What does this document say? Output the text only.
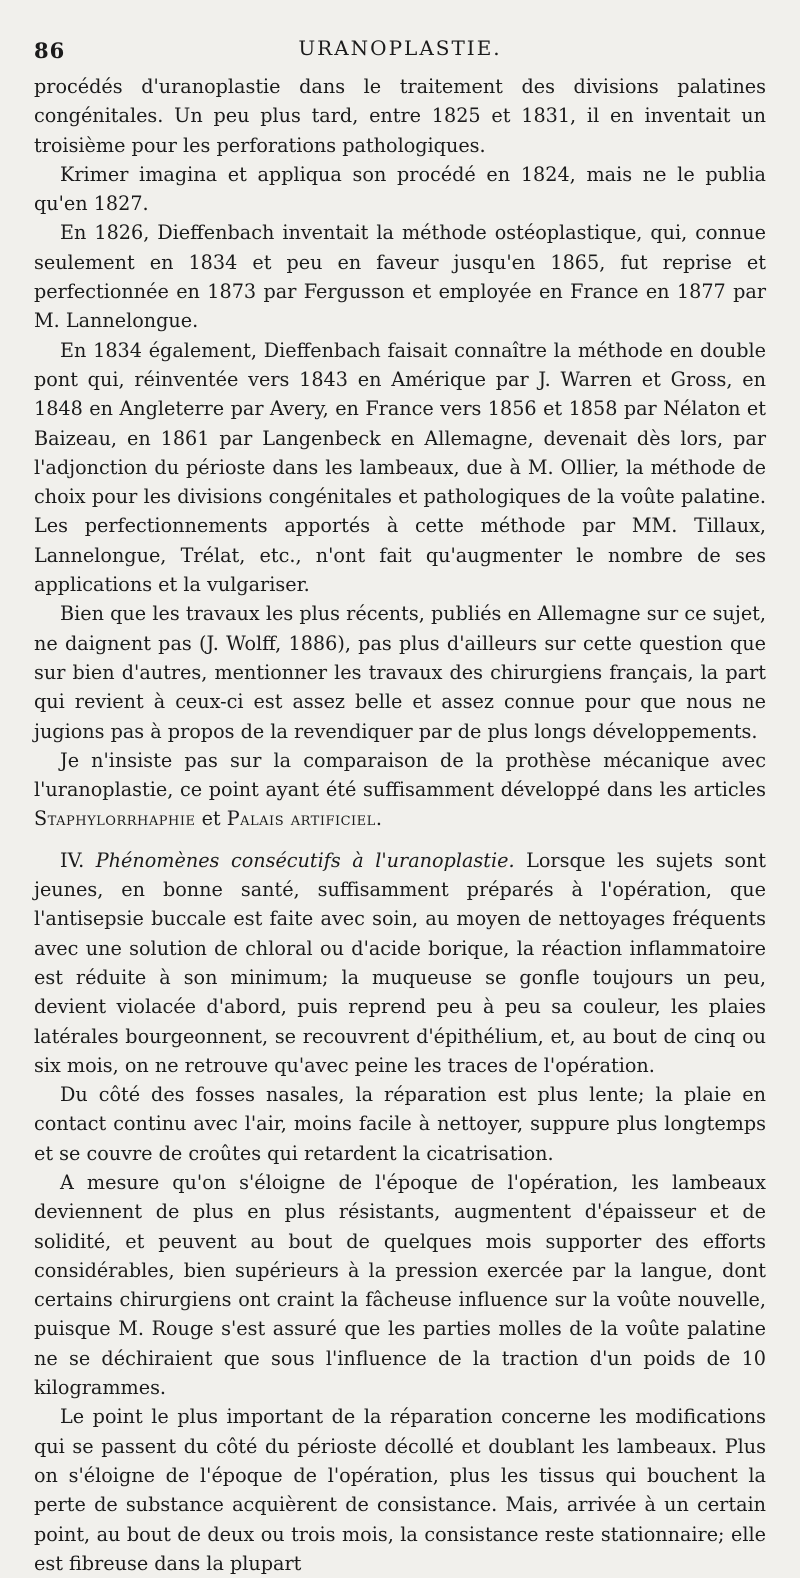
86	URANOPLASTIE.

procédés d'uranoplastie dans le traitement des divisions palatines congénitales. Un peu plus tard, entre 1825 et 1831, il en inventait un troisième pour les perforations pathologiques.

Krimer imagina et appliqua son procédé en 1824, mais ne le publia qu'en 1827.

En 1826, Dieffenbach inventait la méthode ostéoplastique, qui, connue seulement en 1834 et peu en faveur jusqu'en 1865, fut reprise et perfectionnée en 1873 par Fergusson et employée en France en 1877 par M. Lannelongue.

En 1834 également, Dieffenbach faisait connaître la méthode en double pont qui, réinventée vers 1843 en Amérique par J. Warren et Gross, en 1848 en Angleterre par Avery, en France vers 1856 et 1858 par Nélaton et Baizeau, en 1861 par Langenbeck en Allemagne, devenait dès lors, par l'adjonction du périoste dans les lambeaux, due à M. Ollier, la méthode de choix pour les divisions congénitales et pathologiques de la voûte palatine. Les perfectionnements apportés à cette méthode par MM. Tillaux, Lannelongue, Trélat, etc., n'ont fait qu'augmenter le nombre de ses applications et la vulgariser.

Bien que les travaux les plus récents, publiés en Allemagne sur ce sujet, ne daignent pas (J. Wolff, 1886), pas plus d'ailleurs sur cette question que sur bien d'autres, mentionner les travaux des chirurgiens français, la part qui revient à ceux-ci est assez belle et assez connue pour que nous ne jugions pas à propos de la revendiquer par de plus longs développements.

Je n'insiste pas sur la comparaison de la prothèse mécanique avec l'uranoplastie, ce point ayant été suffisamment développé dans les articles Staphylorrhaphie et Palais artificiel.

IV. Phénomènes consécutifs à l'uranoplastie. Lorsque les sujets sont jeunes, en bonne santé, suffisamment préparés à l'opération, que l'antisepsie buccale est faite avec soin, au moyen de nettoyages fréquents avec une solution de chloral ou d'acide borique, la réaction inflammatoire est réduite à son minimum; la muqueuse se gonfle toujours un peu, devient violacée d'abord, puis reprend peu à peu sa couleur, les plaies latérales bourgeonnent, se recouvrent d'épithélium, et, au bout de cinq ou six mois, on ne retrouve qu'avec peine les traces de l'opération.

Du côté des fosses nasales, la réparation est plus lente; la plaie en contact continu avec l'air, moins facile à nettoyer, suppure plus longtemps et se couvre de croûtes qui retardent la cicatrisation.

A mesure qu'on s'éloigne de l'époque de l'opération, les lambeaux deviennent de plus en plus résistants, augmentent d'épaisseur et de solidité, et peuvent au bout de quelques mois supporter des efforts considérables, bien supérieurs à la pression exercée par la langue, dont certains chirurgiens ont craint la fâcheuse influence sur la voûte nouvelle, puisque M. Rouge s'est assuré que les parties molles de la voûte palatine ne se déchiraient que sous l'influence de la traction d'un poids de 10 kilogrammes.

Le point le plus important de la réparation concerne les modifications qui se passent du côté du périoste décollé et doublant les lambeaux. Plus on s'éloigne de l'époque de l'opération, plus les tissus qui bouchent la perte de substance acquièrent de consistance. Mais, arrivée à un certain point, au bout de deux ou trois mois, la consistance reste stationnaire; elle est fibreuse dans la plupart
